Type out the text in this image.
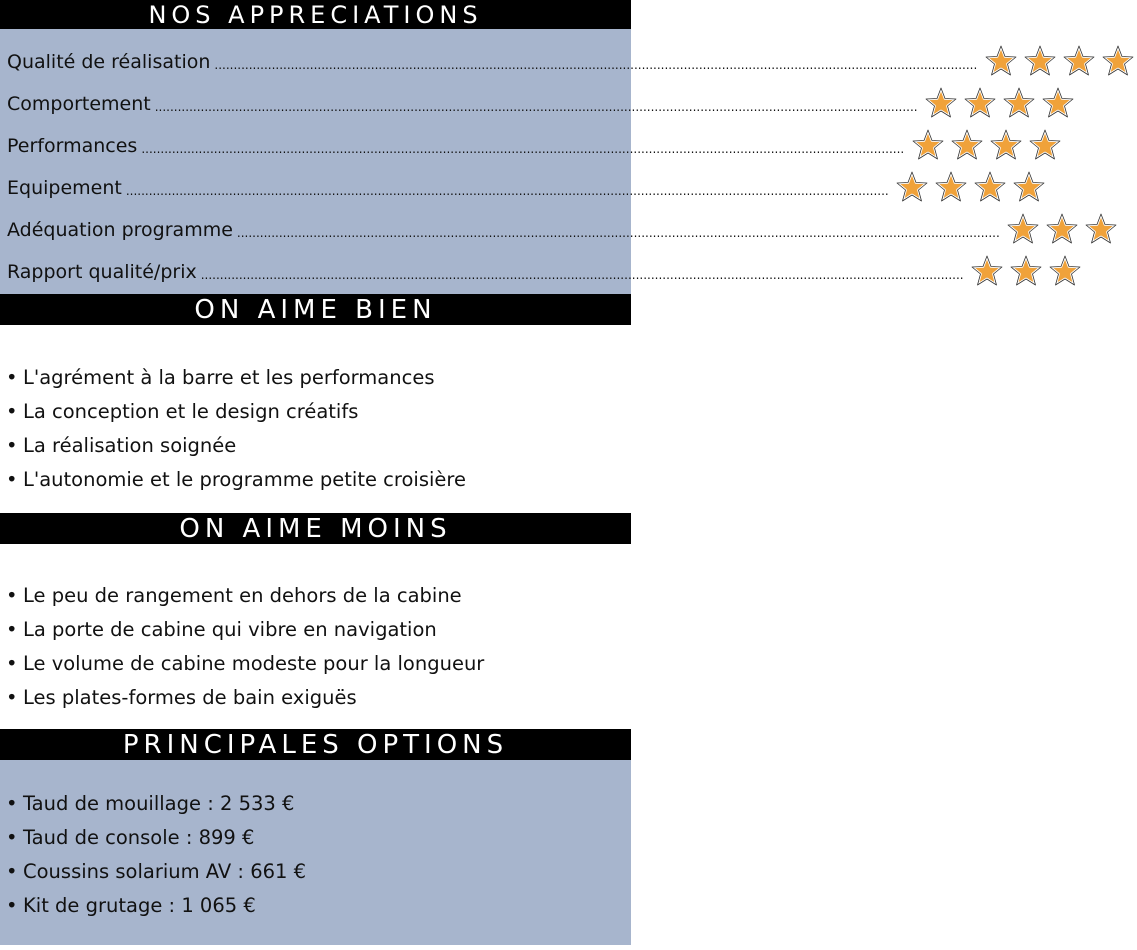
NOS APPRECIATIONS
Qualité de réalisation ........................................................................................................................................................................................................
Comportement ........................................................................................................................................................................................................
Performances ........................................................................................................................................................................................................
Equipement ........................................................................................................................................................................................................
Adéquation programme ........................................................................................................................................................................................................
Rapport qualité/prix ........................................................................................................................................................................................................
ON AIME BIEN
• L'agrément à la barre et les performances
• La conception et le design créatifs
• La réalisation soignée
• L'autonomie et le programme petite croisière
ON AIME MOINS
• Le peu de rangement en dehors de la cabine
• La porte de cabine qui vibre en navigation
• Le volume de cabine modeste pour la longueur
• Les plates-formes de bain exiguës
PRINCIPALES OPTIONS
• Taud de mouillage : 2 533 €
• Taud de console : 899 €
• Coussins solarium AV : 661 €
• Kit de grutage : 1 065 €
